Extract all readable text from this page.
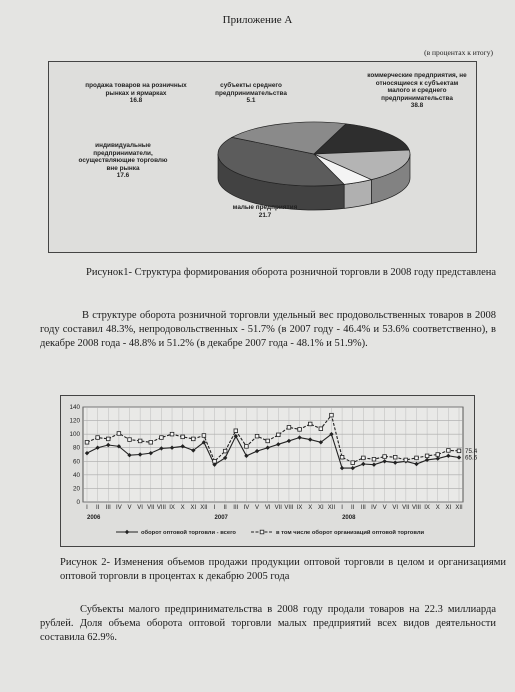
Приложение А
(в процентах к итогу)
продажа товаров на розничных рынках и ярмарках
16.8
субъекты среднего предпринимательства
5.1
коммерческие предприятия, не относящиеся к субъектам малого и среднего предпринимательства
38.8
индивидуальные предприниматели, осуществляющие торговлю вне рынка
17.6
малые предприятия
21.7
Рисунок1- Структура формирования оборота розничной торговли в 2008 году представлена
В структуре оборота розничной торговли удельный вес продовольственных товаров в 2008 году составил 48.3%, непродовольственных - 51.7% (в 2007 году - 46.4% и 53.6% соответственно), в декабре 2008 года - 48.8% и 51.2% (в декабре 2007 года - 48.1% и 51.9%).
0
20
40
60
80
100
120
140
I II III IV V VI VII VIII IX X XI XII I II III IV V VI VII VIII IX X XI XII I II III IV V VI VII VIII IX X XI XII
2006	2007	2008
65.6
75.4
оборот оптовой торговли - всего	в том числе оборот организаций оптовой торговли
Рисунок 2- Изменения объемов продажи продукции оптовой торговли в целом и организациями оптовой торговли в процентах к декабрю 2005 года
Субъекты малого предпринимательства в 2008 году продали товаров на 22.3 миллиарда рублей. Доля объема оборота оптовой торговли малых предприятий всех видов деятельности составила 62.9%.
